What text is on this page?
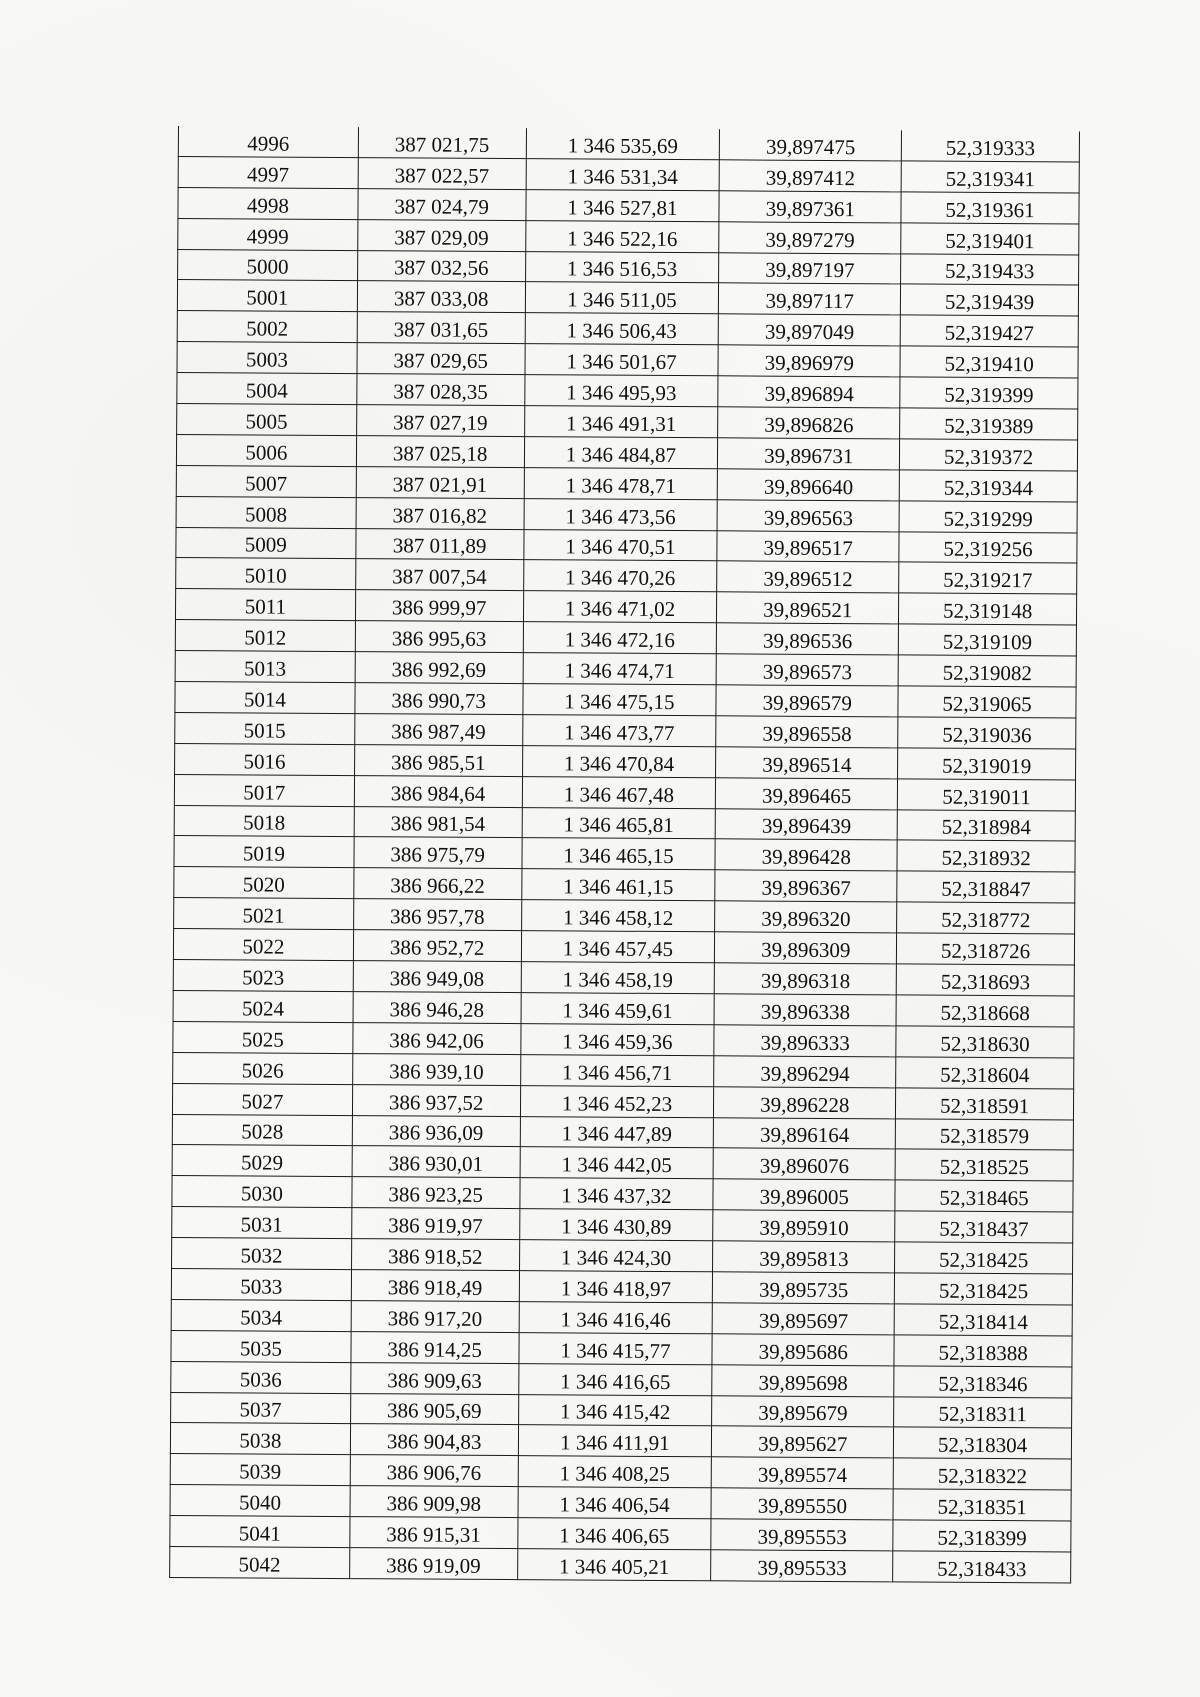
4996	387 021,75	1 346 535,69	39,897475	52,319333
4997	387 022,57	1 346 531,34	39,897412	52,319341
4998	387 024,79	1 346 527,81	39,897361	52,319361
4999	387 029,09	1 346 522,16	39,897279	52,319401
5000	387 032,56	1 346 516,53	39,897197	52,319433
5001	387 033,08	1 346 511,05	39,897117	52,319439
5002	387 031,65	1 346 506,43	39,897049	52,319427
5003	387 029,65	1 346 501,67	39,896979	52,319410
5004	387 028,35	1 346 495,93	39,896894	52,319399
5005	387 027,19	1 346 491,31	39,896826	52,319389
5006	387 025,18	1 346 484,87	39,896731	52,319372
5007	387 021,91	1 346 478,71	39,896640	52,319344
5008	387 016,82	1 346 473,56	39,896563	52,319299
5009	387 011,89	1 346 470,51	39,896517	52,319256
5010	387 007,54	1 346 470,26	39,896512	52,319217
5011	386 999,97	1 346 471,02	39,896521	52,319148
5012	386 995,63	1 346 472,16	39,896536	52,319109
5013	386 992,69	1 346 474,71	39,896573	52,319082
5014	386 990,73	1 346 475,15	39,896579	52,319065
5015	386 987,49	1 346 473,77	39,896558	52,319036
5016	386 985,51	1 346 470,84	39,896514	52,319019
5017	386 984,64	1 346 467,48	39,896465	52,319011
5018	386 981,54	1 346 465,81	39,896439	52,318984
5019	386 975,79	1 346 465,15	39,896428	52,318932
5020	386 966,22	1 346 461,15	39,896367	52,318847
5021	386 957,78	1 346 458,12	39,896320	52,318772
5022	386 952,72	1 346 457,45	39,896309	52,318726
5023	386 949,08	1 346 458,19	39,896318	52,318693
5024	386 946,28	1 346 459,61	39,896338	52,318668
5025	386 942,06	1 346 459,36	39,896333	52,318630
5026	386 939,10	1 346 456,71	39,896294	52,318604
5027	386 937,52	1 346 452,23	39,896228	52,318591
5028	386 936,09	1 346 447,89	39,896164	52,318579
5029	386 930,01	1 346 442,05	39,896076	52,318525
5030	386 923,25	1 346 437,32	39,896005	52,318465
5031	386 919,97	1 346 430,89	39,895910	52,318437
5032	386 918,52	1 346 424,30	39,895813	52,318425
5033	386 918,49	1 346 418,97	39,895735	52,318425
5034	386 917,20	1 346 416,46	39,895697	52,318414
5035	386 914,25	1 346 415,77	39,895686	52,318388
5036	386 909,63	1 346 416,65	39,895698	52,318346
5037	386 905,69	1 346 415,42	39,895679	52,318311
5038	386 904,83	1 346 411,91	39,895627	52,318304
5039	386 906,76	1 346 408,25	39,895574	52,318322
5040	386 909,98	1 346 406,54	39,895550	52,318351
5041	386 915,31	1 346 406,65	39,895553	52,318399
5042	386 919,09	1 346 405,21	39,895533	52,318433
